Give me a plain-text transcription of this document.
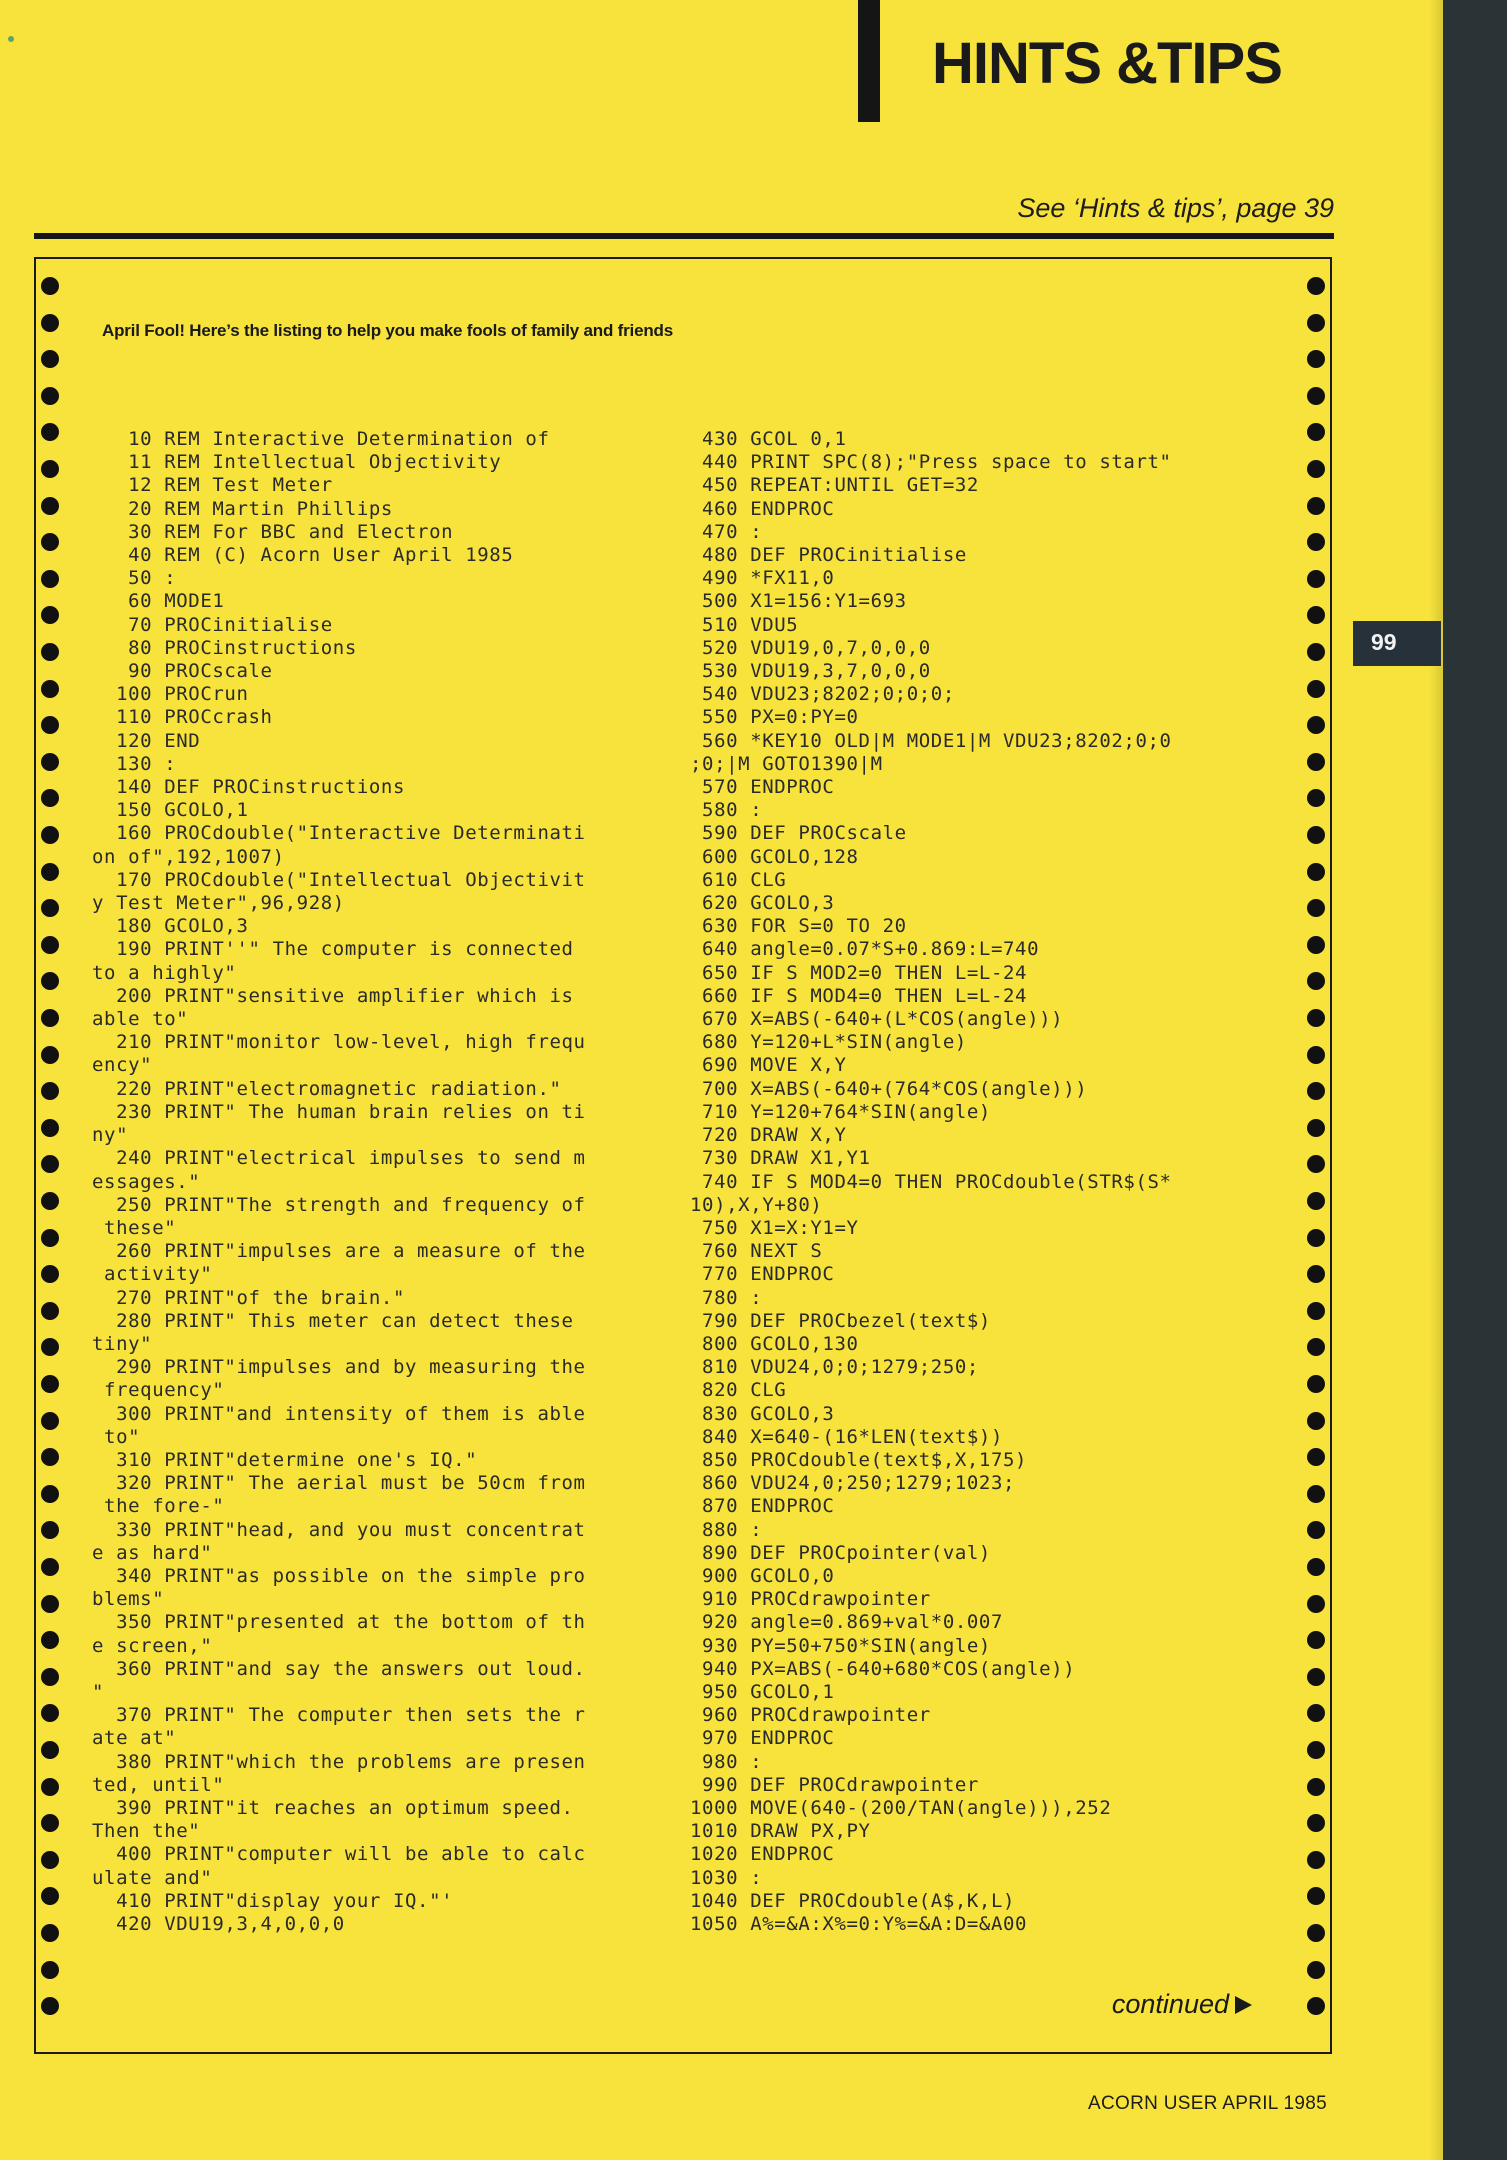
HINTS &TIPS
See ‘Hints & tips’, page 39
April Fool! Here’s the listing to help you make fools of family and friends
10 REM Interactive Determination of
11 REM Intellectual Objectivity
12 REM Test Meter
20 REM Martin Phillips
30 REM For BBC and Electron
40 REM (C) Acorn User April 1985
50 :
60 MODE1
70 PROCinitialise
80 PROCinstructions
90 PROCscale
100 PROCrun
110 PROCcrash
120 END
130 :
140 DEF PROCinstructions
150 GCOLO,1
160 PROCdouble("Interactive Determinati
on of",192,1007)
170 PROCdouble("Intellectual Objectivit
y Test Meter",96,928)
180 GCOLO,3
190 PRINT''" The computer is connected
to a highly"
200 PRINT"sensitive amplifier which is
able to"
210 PRINT"monitor low-level, high frequ
ency"
220 PRINT"electromagnetic radiation."
230 PRINT" The human brain relies on ti
ny"
240 PRINT"electrical impulses to send m
essages."
250 PRINT"The strength and frequency of
these"
260 PRINT"impulses are a measure of the
activity"
270 PRINT"of the brain."
280 PRINT" This meter can detect these
tiny"
290 PRINT"impulses and by measuring the
frequency"
300 PRINT"and intensity of them is able
to"
310 PRINT"determine one's IQ."
320 PRINT" The aerial must be 50cm from
the fore-"
330 PRINT"head, and you must concentrat
e as hard"
340 PRINT"as possible on the simple pro
blems"
350 PRINT"presented at the bottom of th
e screen,"
360 PRINT"and say the answers out loud.
"
370 PRINT" The computer then sets the r
ate at"
380 PRINT"which the problems are presen
ted, until"
390 PRINT"it reaches an optimum speed.
Then the"
400 PRINT"computer will be able to calc
ulate and"
410 PRINT"display your IQ."'
420 VDU19,3,4,0,0,0
430 GCOL 0,1
440 PRINT SPC(8);"Press space to start"
450 REPEAT:UNTIL GET=32
460 ENDPROC
470 :
480 DEF PROCinitialise
490 *FX11,0
500 X1=156:Y1=693
510 VDU5
520 VDU19,0,7,0,0,0
530 VDU19,3,7,0,0,0
540 VDU23;8202;0;0;0;
550 PX=0:PY=0
560 *KEY10 OLD|M MODE1|M VDU23;8202;0;0
;0;|M GOTO1390|M
570 ENDPROC
580 :
590 DEF PROCscale
600 GCOLO,128
610 CLG
620 GCOLO,3
630 FOR S=0 TO 20
640 angle=0.07*S+0.869:L=740
650 IF S MOD2=0 THEN L=L-24
660 IF S MOD4=0 THEN L=L-24
670 X=ABS(-640+(L*COS(angle)))
680 Y=120+L*SIN(angle)
690 MOVE X,Y
700 X=ABS(-640+(764*COS(angle)))
710 Y=120+764*SIN(angle)
720 DRAW X,Y
730 DRAW X1,Y1
740 IF S MOD4=0 THEN PROCdouble(STR$(S*
10),X,Y+80)
750 X1=X:Y1=Y
760 NEXT S
770 ENDPROC
780 :
790 DEF PROCbezel(text$)
800 GCOLO,130
810 VDU24,0;0;1279;250;
820 CLG
830 GCOLO,3
840 X=640-(16*LEN(text$))
850 PROCdouble(text$,X,175)
860 VDU24,0;250;1279;1023;
870 ENDPROC
880 :
890 DEF PROCpointer(val)
900 GCOLO,0
910 PROCdrawpointer
920 angle=0.869+val*0.007
930 PY=50+750*SIN(angle)
940 PX=ABS(-640+680*COS(angle))
950 GCOLO,1
960 PROCdrawpointer
970 ENDPROC
980 :
990 DEF PROCdrawpointer
1000 MOVE(640-(200/TAN(angle))),252
1010 DRAW PX,PY
1020 ENDPROC
1030 :
1040 DEF PROCdouble(A$,K,L)
1050 A%=&A:X%=0:Y%=&A:D=&A00
continued
99
ACORN USER APRIL 1985
